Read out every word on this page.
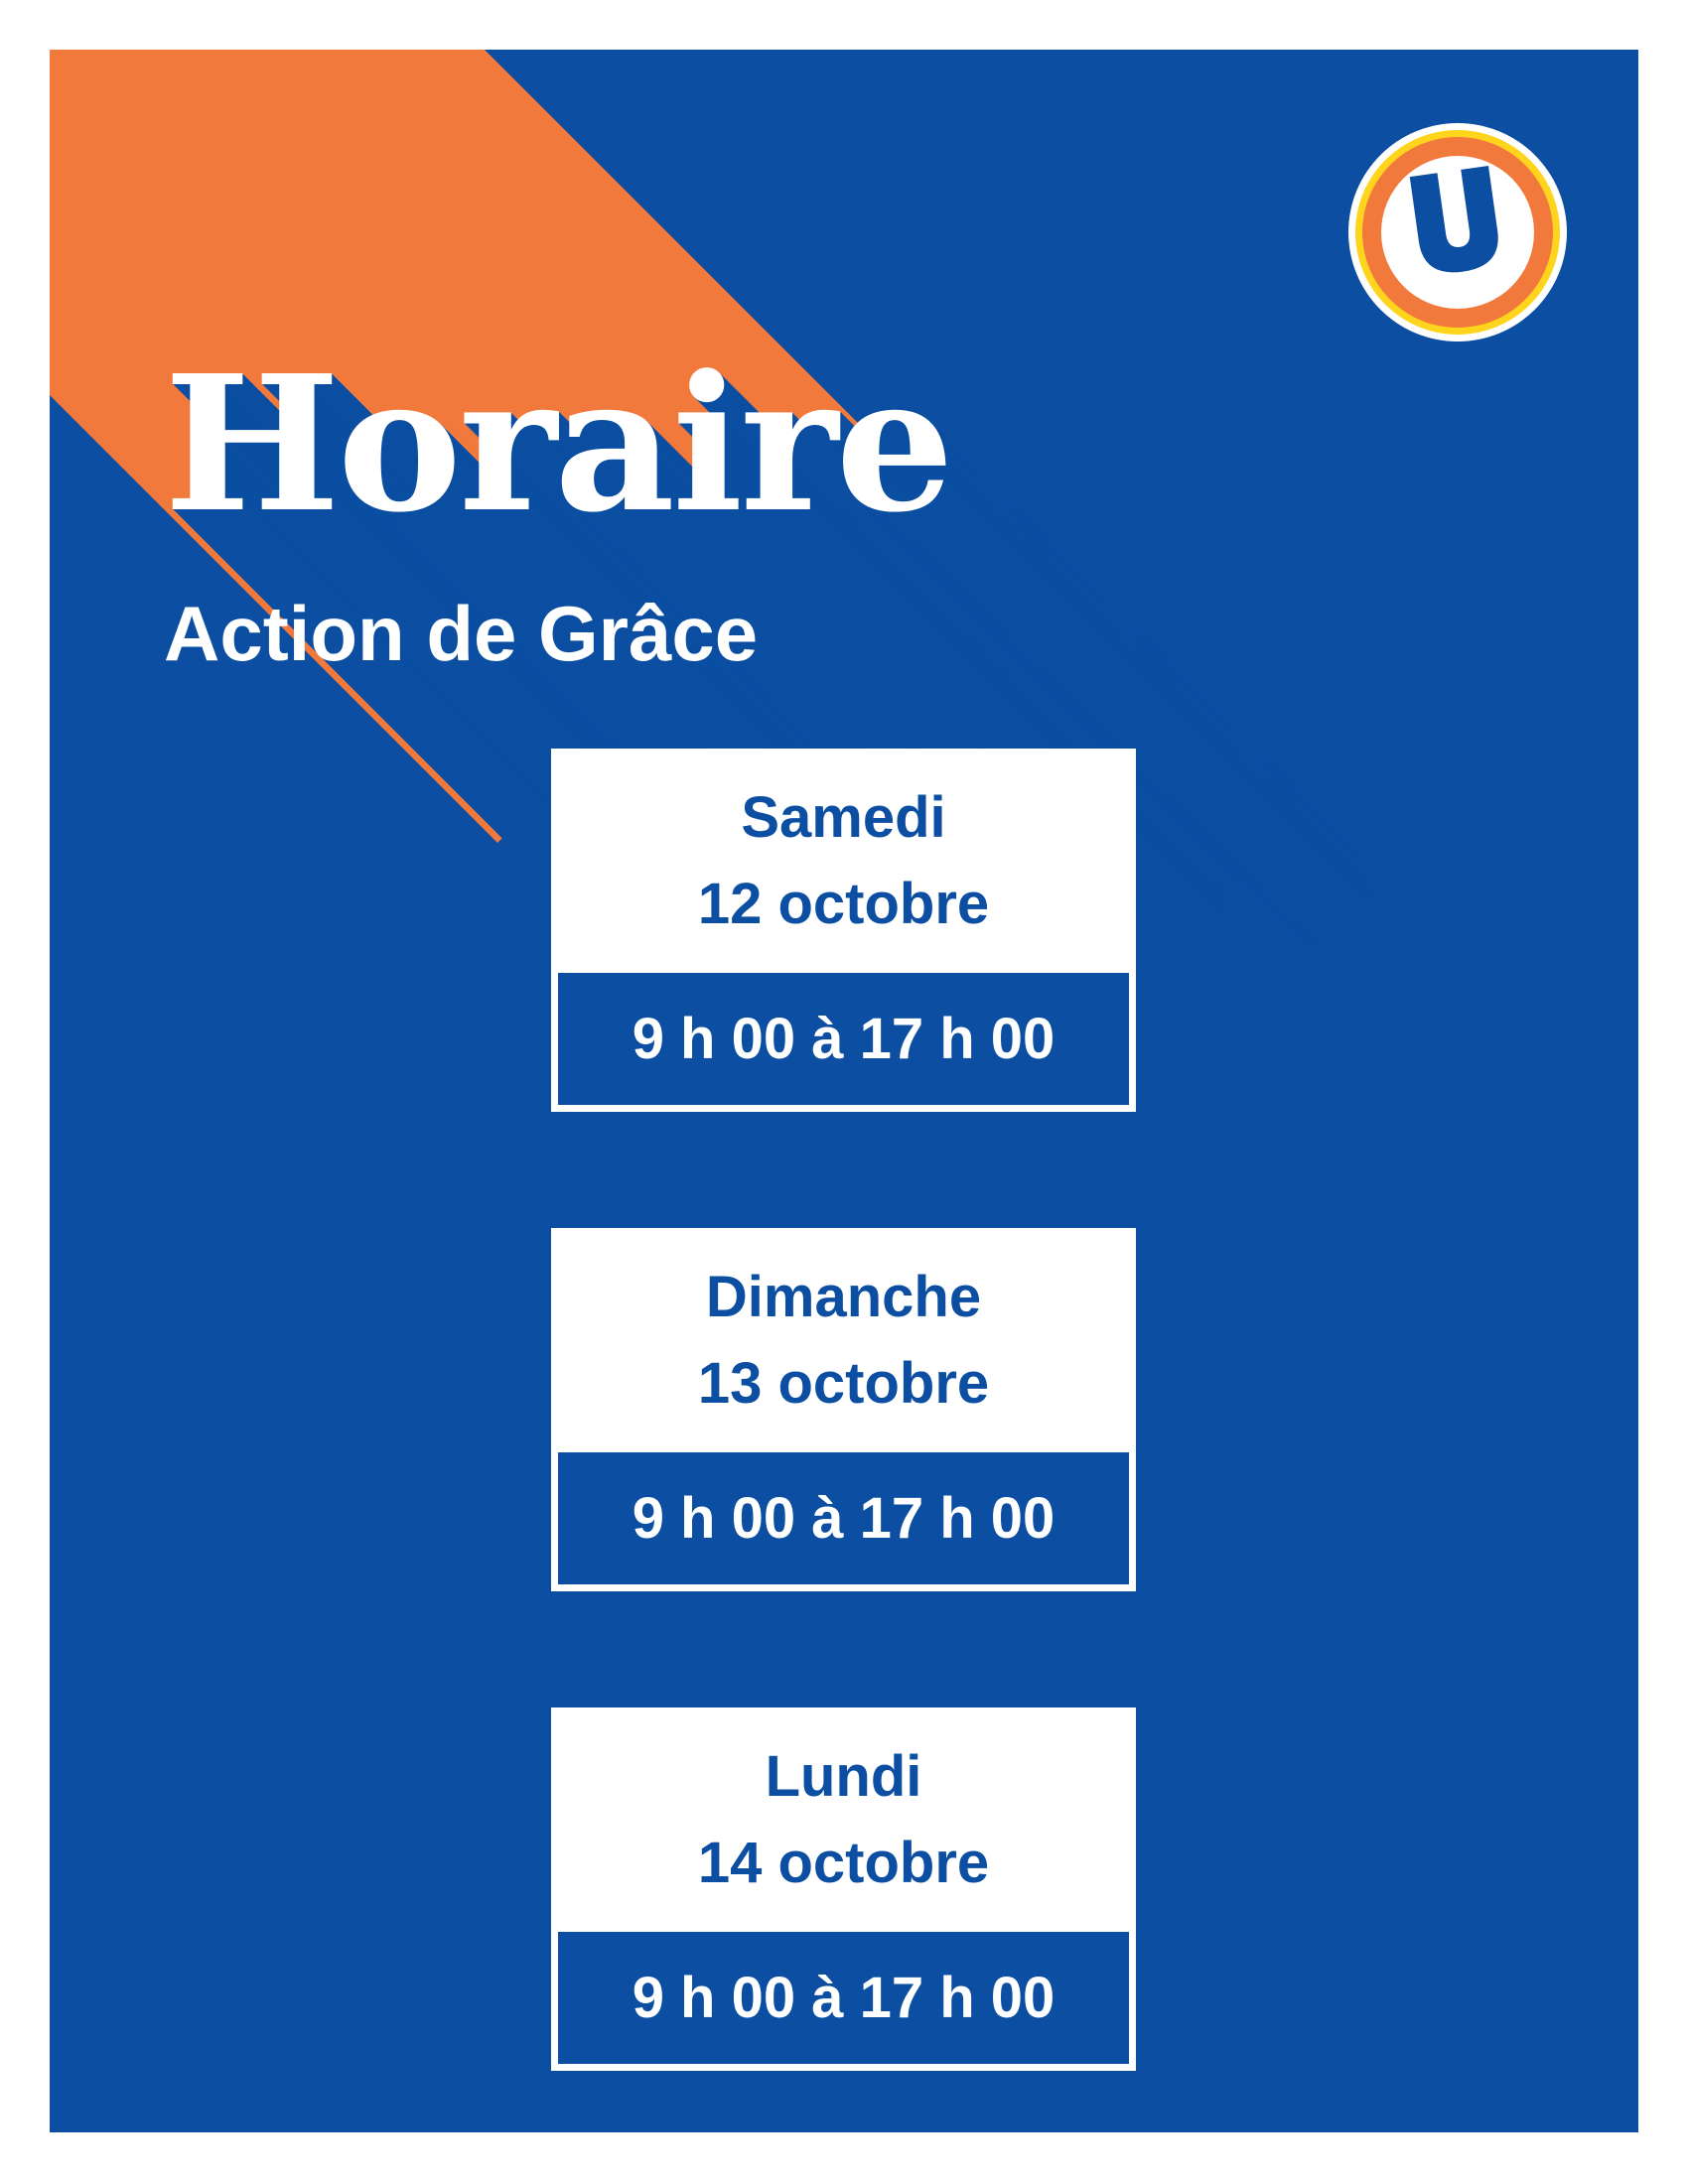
Horaire
Action de Grâce
Samedi
12 octobre
9 h 00 à 17 h 00
Dimanche
13 octobre
9 h 00 à 17 h 00
Lundi
14 octobre
9 h 00 à 17 h 00
